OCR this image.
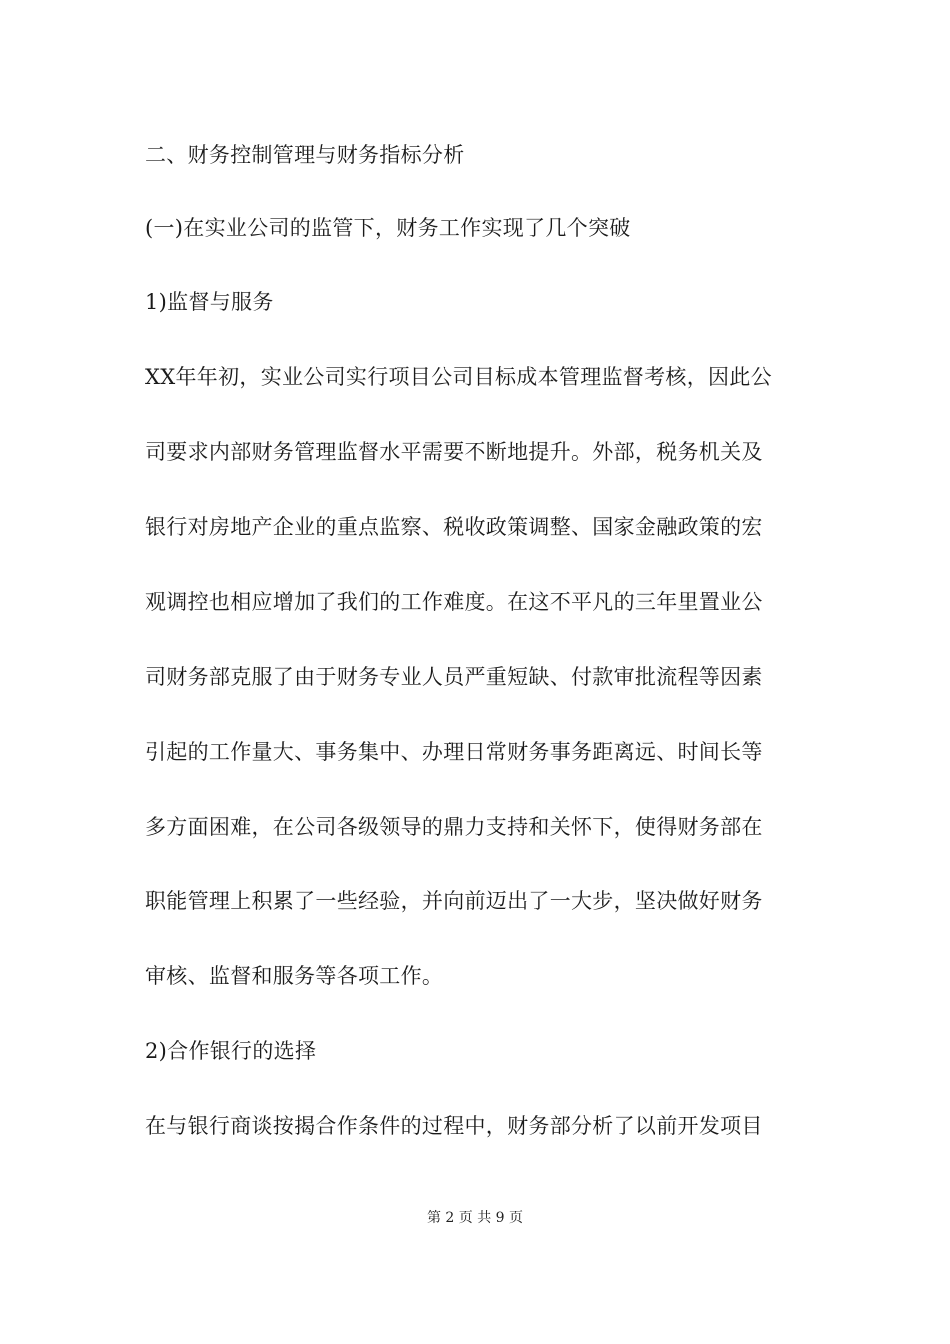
二、财务控制管理与财务指标分析
(一)在实业公司的监管下，财务工作实现了几个突破
1)监督与服务
XX年年初，实业公司实行项目公司目标成本管理监督考核，因此公
司要求内部财务管理监督水平需要不断地提升。外部，税务机关及
银行对房地产企业的重点监察、税收政策调整、国家金融政策的宏
观调控也相应增加了我们的工作难度。在这不平凡的三年里置业公
司财务部克服了由于财务专业人员严重短缺、付款审批流程等因素
引起的工作量大、事务集中、办理日常财务事务距离远、时间长等
多方面困难，在公司各级领导的鼎力支持和关怀下，使得财务部在
职能管理上积累了一些经验，并向前迈出了一大步，坚决做好财务
审核、监督和服务等各项工作。
2)合作银行的选择
在与银行商谈按揭合作条件的过程中，财务部分析了以前开发项目
第 2 页 共 9 页
